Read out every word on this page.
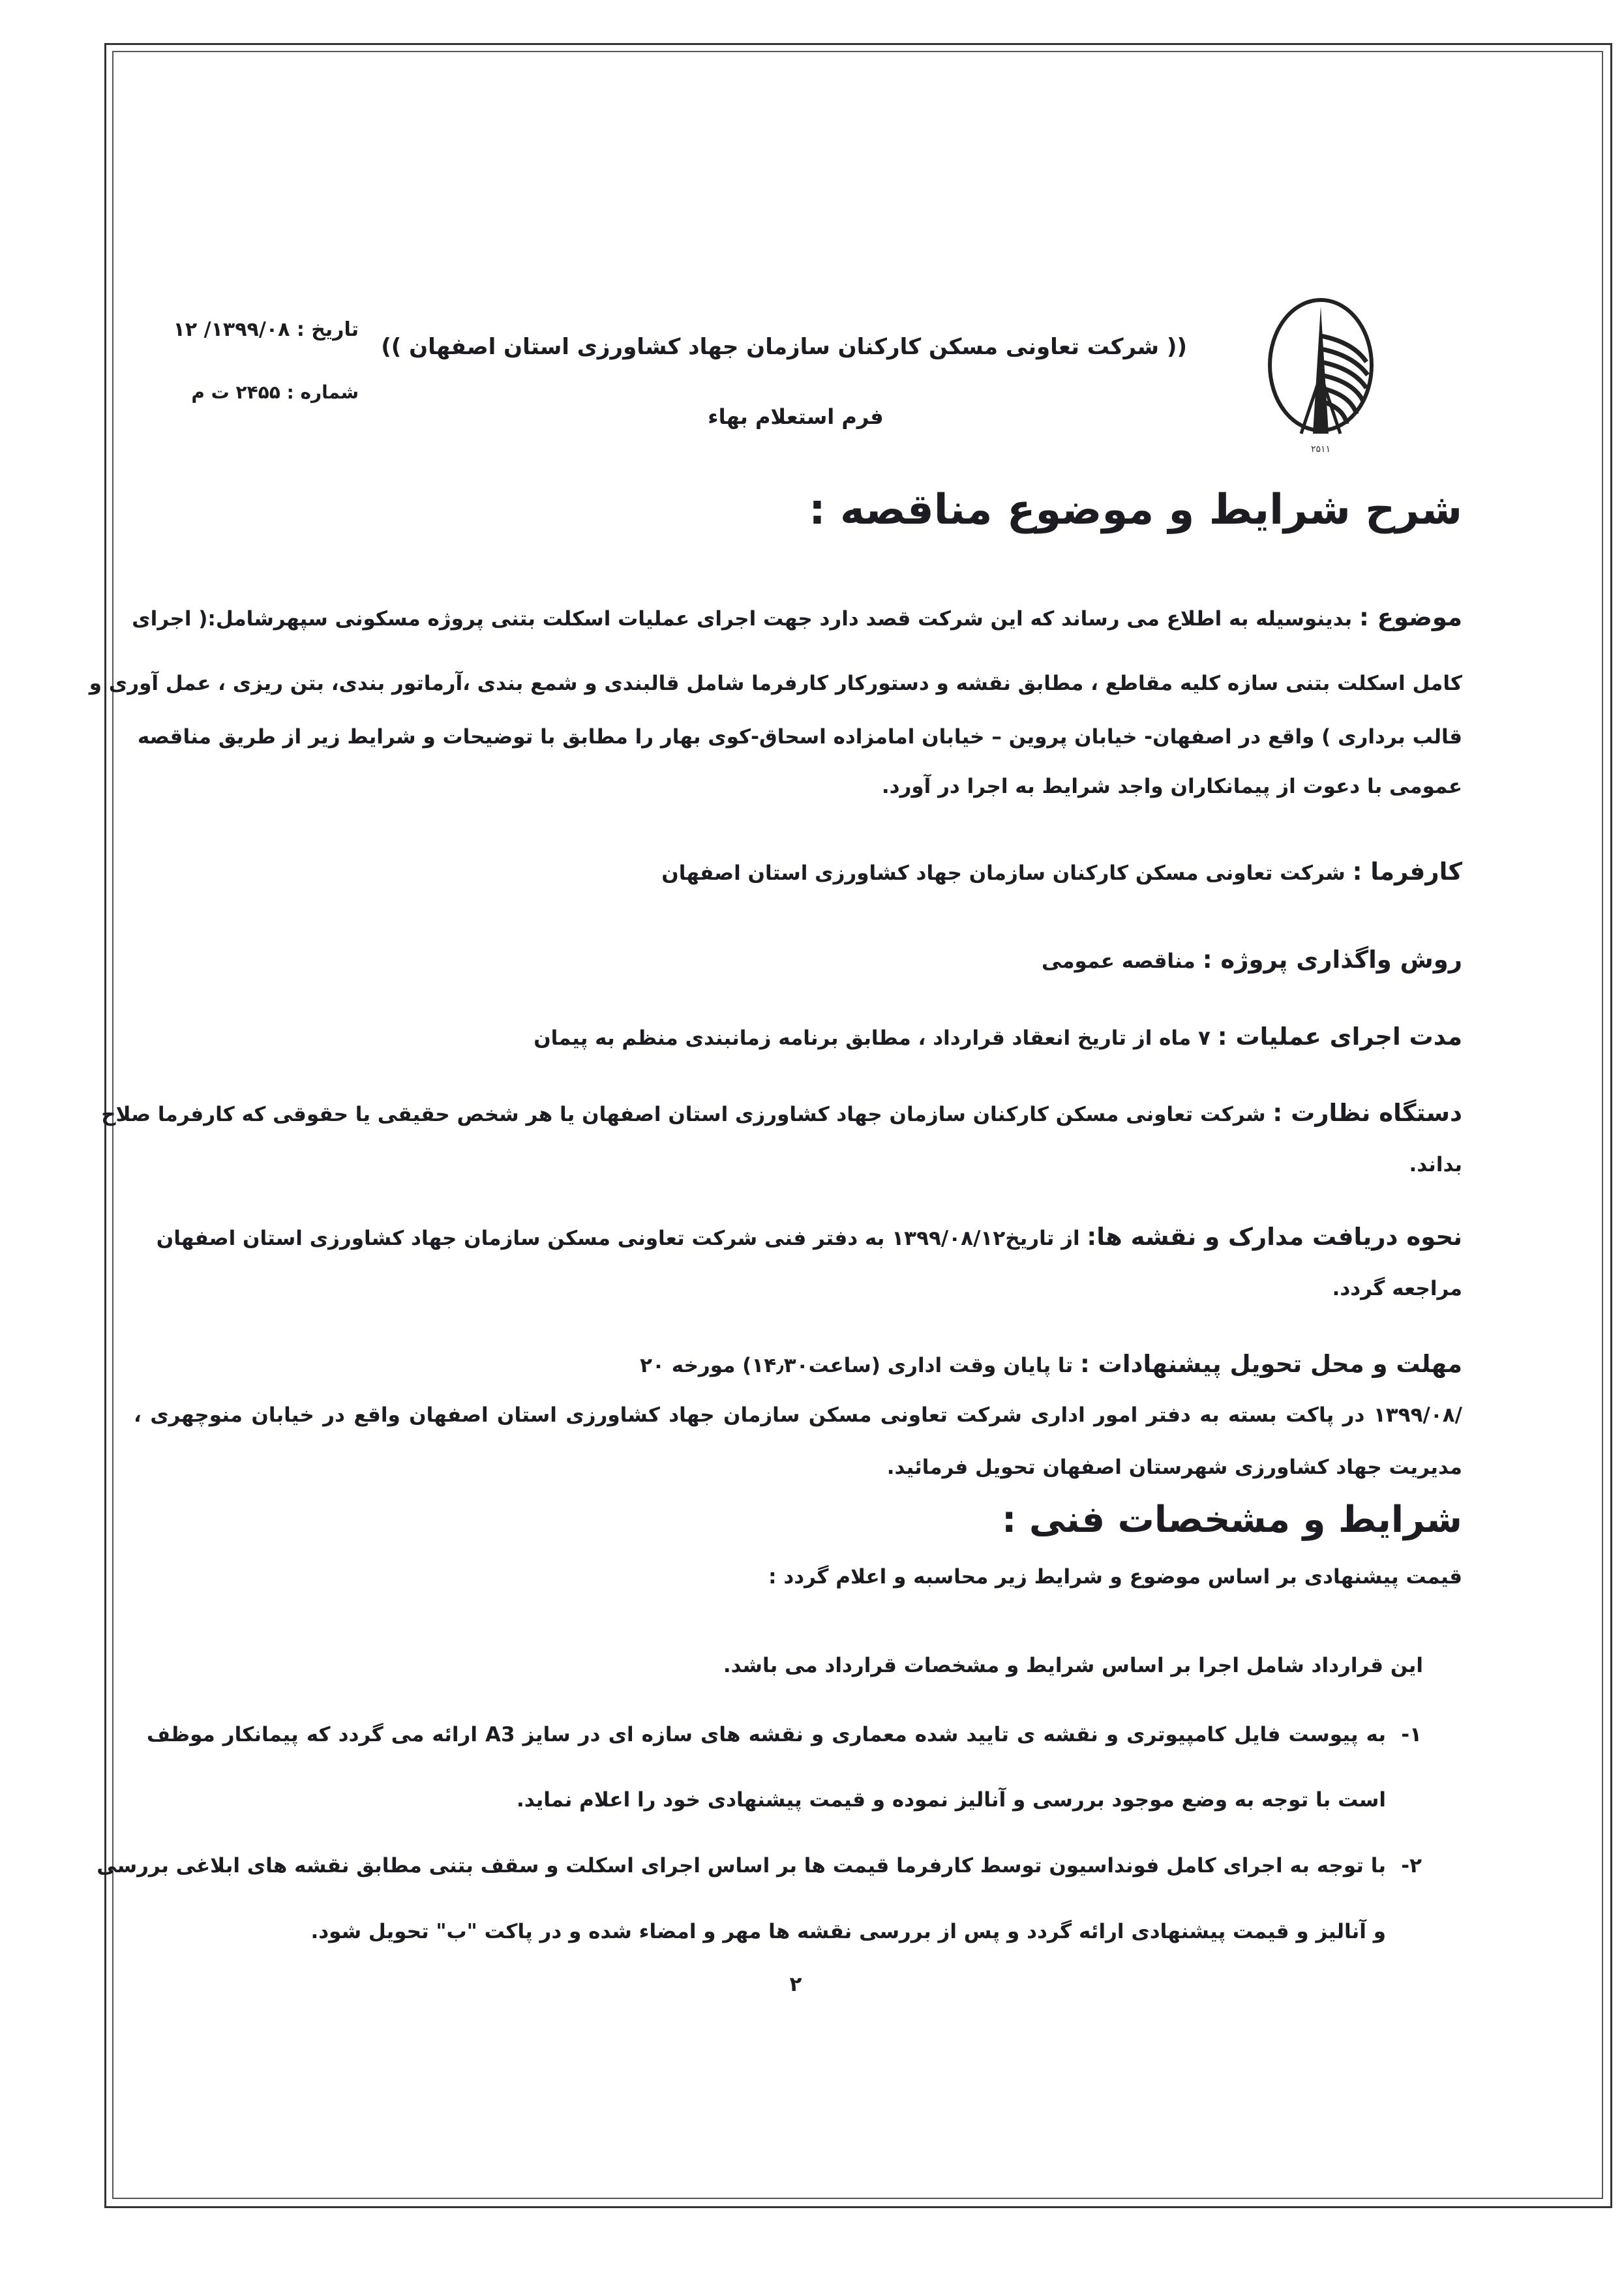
۲۵۱۱
(( شرکت تعاونی مسکن کارکنان سازمان جهاد کشاورزی استان اصفهان ))
فرم استعلام بهاء
تاریخ : ۱۳۹۹/۰۸/ ۱۲
شماره : ۲۴۵۵ ت م
شرح شرایط و موضوع مناقصه :
موضوع : بدینوسیله به اطلاع می رساند که این شرکت قصد دارد جهت اجرای عملیات اسکلت بتنی پروژه مسکونی سپهرشامل:( اجرای
کامل اسکلت بتنی سازه کلیه مقاطع ، مطابق نقشه و دستورکار کارفرما شامل قالبندی و شمع بندی ،آرماتور بندی، بتن ریزی ، عمل آوری و
قالب برداری ) واقع در اصفهان- خیابان پروین – خیابان امامزاده اسحاق-کوی بهار را مطابق با توضیحات و شرایط زیر از طریق مناقصه
عمومی با دعوت از پیمانکاران واجد شرایط به اجرا در آورد.
کارفرما : شرکت تعاونی مسکن کارکنان سازمان جهاد کشاورزی استان اصفهان
روش واگذاری پروژه : مناقصه عمومی
مدت اجرای عملیات : ۷ ماه از تاریخ انعقاد قرارداد ، مطابق برنامه زمانبندی منظم به پیمان
دستگاه نظارت : شرکت تعاونی مسکن کارکنان سازمان جهاد کشاورزی استان اصفهان یا هر شخص حقیقی یا حقوقی که کارفرما صلاح
بداند.
نحوه دریافت مدارک و نقشه ها: از تاریخ۱۳۹۹/۰۸/۱۲ به دفتر فنی شرکت تعاونی مسکن سازمان جهاد کشاورزی استان اصفهان
مراجعه گردد.
مهلت و محل تحویل پیشنهادات : تا پایان وقت اداری (ساعت۱۴٫۳۰) مورخه ۲۰
/۱۳۹۹/۰۸ در پاکت بسته به دفتر امور اداری شرکت تعاونی مسکن سازمان جهاد کشاورزی استان اصفهان واقع در خیابان منوچهری ،
مدیریت جهاد کشاورزی شهرستان اصفهان تحویل فرمائید.
شرایط و مشخصات فنی :
قیمت پیشنهادی بر اساس موضوع و شرایط زیر محاسبه و اعلام گردد :
این قرارداد شامل اجرا بر اساس شرایط و مشخصات قرارداد می باشد.
۱-
به پیوست فایل کامپیوتری و نقشه ی تایید شده معماری و نقشه های سازه ای در سایز A3 ارائه می گردد که پیمانکار موظف
است با توجه به وضع موجود بررسی و آنالیز نموده و قیمت پیشنهادی خود را اعلام نماید.
۲-
با توجه به اجرای کامل فونداسیون توسط کارفرما قیمت ها بر اساس اجرای اسکلت و سقف بتنی مطابق نقشه های ابلاغی بررسی
و آنالیز و قیمت پیشنهادی ارائه گردد و پس از بررسی نقشه ها مهر و امضاء شده و در پاکت "ب" تحویل شود.
۲
